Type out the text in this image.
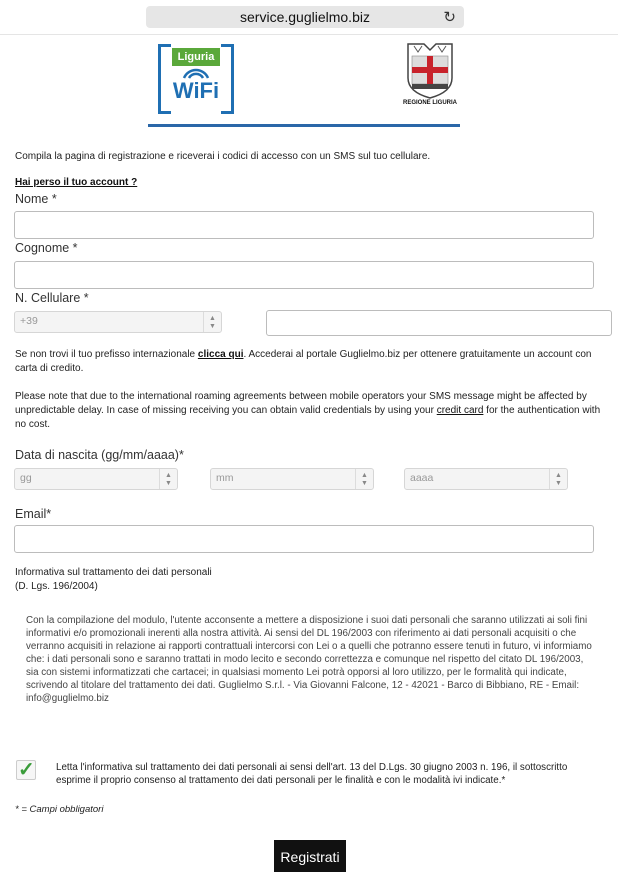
service.guglielmo.biz	↻
Liguria
WiFi	REGIONE LIGURIA
Compila la pagina di registrazione e riceverai i codici di accesso con un SMS sul tuo cellulare.
Hai perso il tuo account ?
Nome *
Cognome *
N. Cellulare *
+39	▲
▼
Se non trovi il tuo prefisso internazionale clicca qui. Accederai al portale Guglielmo.biz per ottenere gratuitamente un account con carta di credito.
Please note that due to the international roaming agreements between mobile operators your SMS message might be affected by unpredictable delay. In case of missing receiving you can obtain valid credentials by using your credit card for the authentication with no cost.
Data di nascita (gg/mm/aaaa)*
gg	▲
▼	mm	▲
▼	aaaa	▲
▼
Email*
Informativa sul trattamento dei dati personali
(D. Lgs. 196/2004)
Con la compilazione del modulo, l'utente acconsente a mettere a disposizione i suoi dati personali che saranno utilizzati ai soli fini informativi e/o promozionali inerenti alla nostra attività. Ai sensi del DL 196/2003 con riferimento ai dati personali acquisiti o che verranno acquisiti in relazione ai rapporti contrattuali intercorsi con Lei o a quelli che potranno essere tenuti in futuro, vi informiamo che: i dati personali sono e saranno trattati in modo lecito e secondo correttezza e comunque nel rispetto del citato DL 196/2003, sia con sistemi informatizzati che cartacei; in qualsiasi momento Lei potrà opporsi al loro utilizzo, per le formalità qui indicate, scrivendo al titolare del trattamento dei dati. Guglielmo S.r.l. - Via Giovanni Falcone, 12 - 42021 - Barco di Bibbiano, RE - Email: info@guglielmo.biz
✓ Letta l'informativa sul trattamento dei dati personali ai sensi dell'art. 13 del D.Lgs. 30 giugno 2003 n. 196, il sottoscritto esprime il proprio consenso al trattamento dei dati personali per le finalità e con le modalità ivi indicate.*
* = Campi obbligatori
Registrati
